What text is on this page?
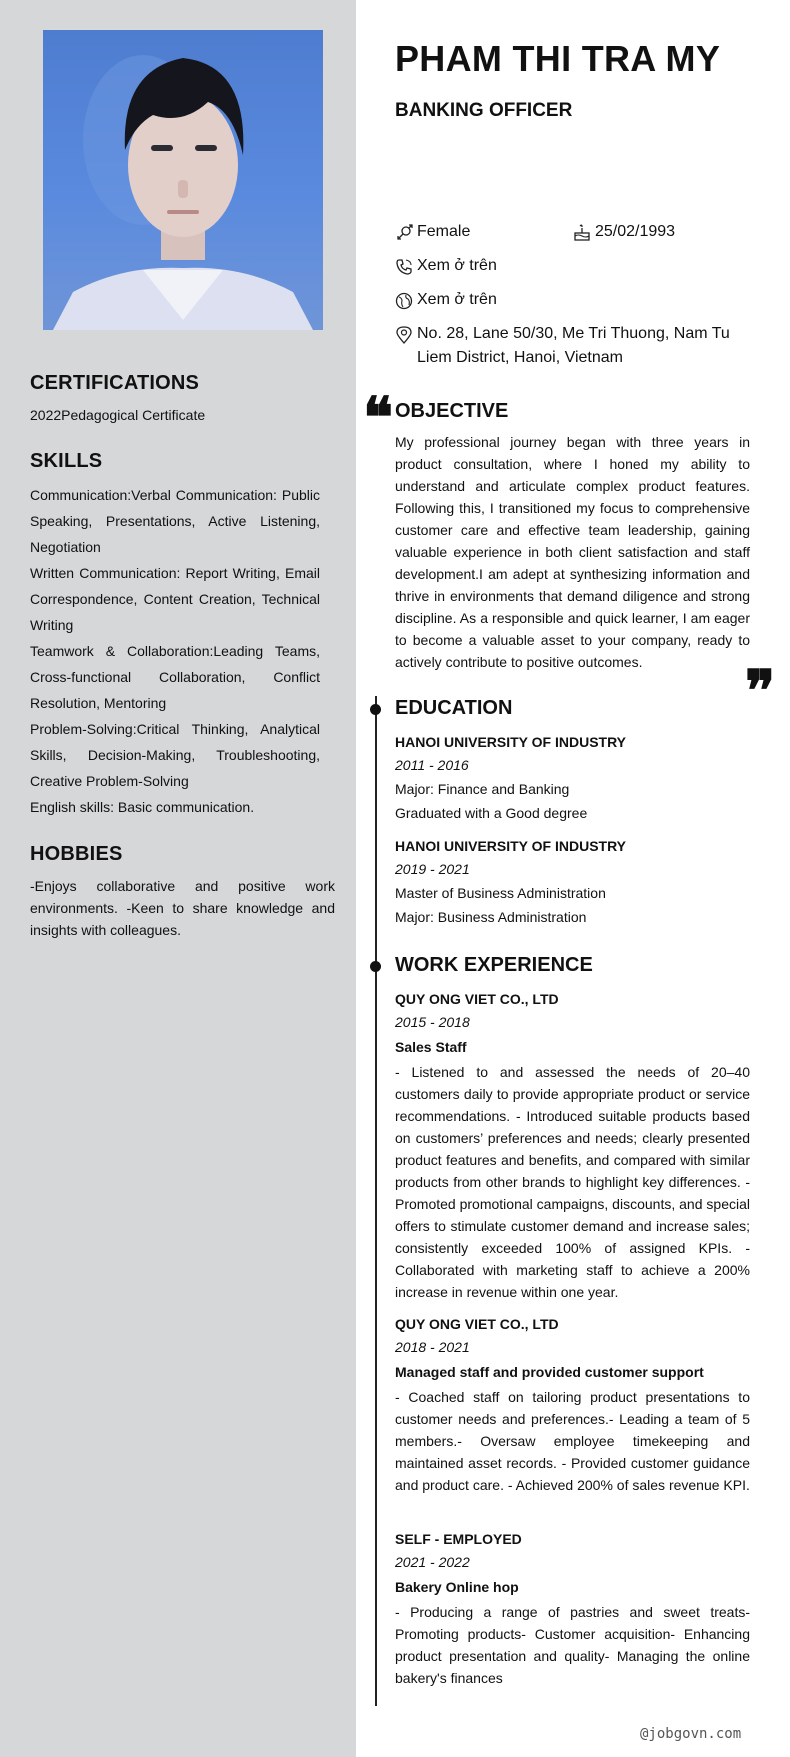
CERTIFICATIONS
2022Pedagogical Certificate
SKILLS
Communication:Verbal Communication: Public Speaking, Presentations, Active Listening, Negotiation
Written Communication: Report Writing, Email Correspondence, Content Creation, Technical Writing
Teamwork & Collaboration:Leading Teams, Cross-functional Collaboration, Conflict Resolution, Mentoring
Problem-Solving:Critical Thinking, Analytical Skills, Decision-Making, Troubleshooting, Creative Problem-Solving
English skills: Basic communication.
HOBBIES
-Enjoys collaborative and positive work environments. -Keen to share knowledge and insights with colleagues.
PHAM THI TRA MY
BANKING OFFICER
Female	25/02/1993
Xem ở trên
Xem ở trên
No. 28, Lane 50/30, Me Tri Thuong, Nam Tu
Liem District, Hanoi, Vietnam
❝ OBJECTIVE
My professional journey began with three years in product consultation, where I honed my ability to understand and articulate complex product features. Following this, I transitioned my focus to comprehensive customer care and effective team leadership, gaining valuable experience in both client satisfaction and staff development.I am adept at synthesizing information and thrive in environments that demand diligence and strong discipline. As a responsible and quick learner, I am eager to become a valuable asset to your company, ready to actively contribute to positive outcomes.	❞
EDUCATION
HANOI UNIVERSITY OF INDUSTRY
2011 - 2016
Major: Finance and Banking
Graduated with a Good degree
HANOI UNIVERSITY OF INDUSTRY
2019 - 2021
Master of Business Administration
Major: Business Administration
WORK EXPERIENCE
QUY ONG VIET CO., LTD
2015 - 2018
Sales Staff
- Listened to and assessed the needs of 20–40 customers daily to provide appropriate product or service recommendations. - Introduced suitable products based on customers’ preferences and needs; clearly presented product features and benefits, and compared with similar products from other brands to highlight key differences. - Promoted promotional campaigns, discounts, and special offers to stimulate customer demand and increase sales; consistently exceeded 100% of assigned KPIs. - Collaborated with marketing staff to achieve a 200% increase in revenue within one year.
QUY ONG VIET CO., LTD
2018 - 2021
Managed staff and provided customer support
- Coached staff on tailoring product presentations to customer needs and preferences.- Leading a team of 5 members.- Oversaw employee timekeeping and maintained asset records. - Provided customer guidance and product care. - Achieved 200% of sales revenue KPI.
SELF - EMPLOYED
2021 - 2022
Bakery Online hop
- Producing a range of pastries and sweet treats- Promoting products- Customer acquisition- Enhancing product presentation and quality- Managing the online bakery's finances
@jobgovn.com
